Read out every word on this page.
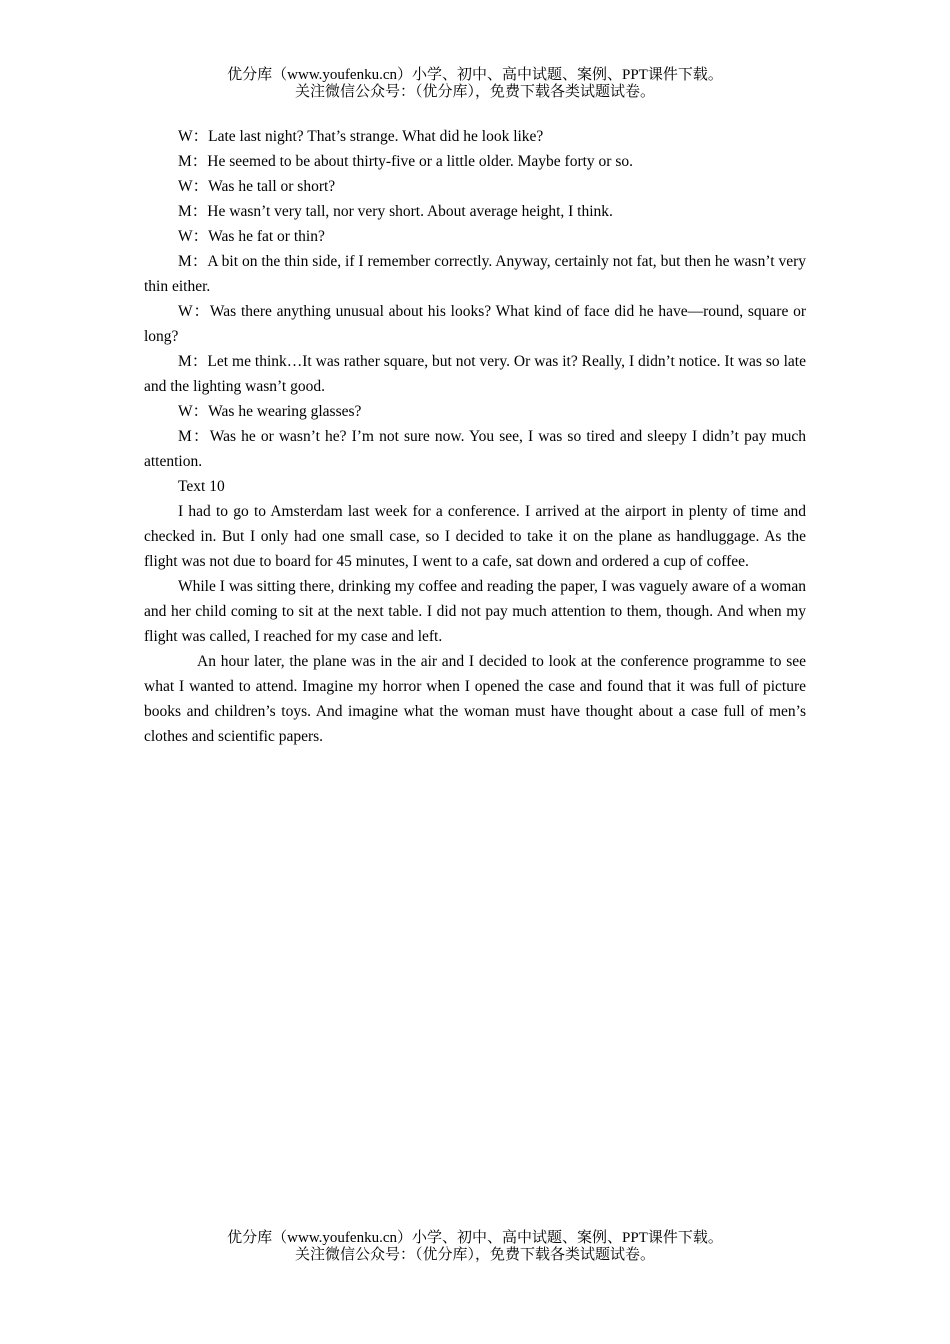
优分库（www.youfenku.cn）小学、初中、高中试题、案例、PPT课件下载。
关注微信公众号：（优分库），免费下载各类试题试卷。

W：Late last night? That’s strange. What did he look like?

M：He seemed to be about thirty-five or a little older. Maybe forty or so.

W：Was he tall or short?

M：He wasn’t very tall, nor very short. About average height, I think.

W：Was he fat or thin?

M：A bit on the thin side, if I remember correctly. Anyway, certainly not fat, but then he wasn’t very thin either.

W：Was there anything unusual about his looks? What kind of face did he have—round, square or long?

M：Let me think…It was rather square, but not very. Or was it? Really, I didn’t notice. It was so late and the lighting wasn’t good.

W：Was he wearing glasses?

M：Was he or wasn’t he? I’m not sure now. You see, I was so tired and sleepy I didn’t pay much attention.

Text 10

I had to go to Amsterdam last week for a conference. I arrived at the airport in plenty of time and checked in. But I only had one small case, so I decided to take it on the plane as handluggage. As the flight was not due to board for 45 minutes, I went to a cafe, sat down and ordered a cup of coffee.

While I was sitting there, drinking my coffee and reading the paper, I was vaguely aware of a woman and her child coming to sit at the next table. I did not pay much attention to them, though. And when my flight was called, I reached for my case and left.

An hour later, the plane was in the air and I decided to look at the conference programme to see what I wanted to attend. Imagine my horror when I opened the case and found that it was full of picture books and children’s toys. And imagine what the woman must have thought about a case full of men’s clothes and scientific papers.

优分库（www.youfenku.cn）小学、初中、高中试题、案例、PPT课件下载。
关注微信公众号：（优分库），免费下载各类试题试卷。
